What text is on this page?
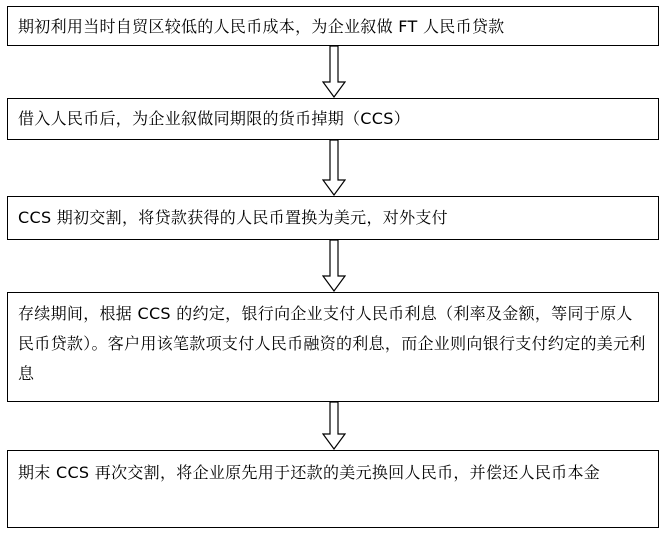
期初利用当时自贸区较低的人民币成本，为企业叙做 FT 人民币贷款
借入人民币后，为企业叙做同期限的货币掉期（CCS）
CCS 期初交割，将贷款获得的人民币置换为美元，对外支付
存续期间，根据 CCS 的约定，银行向企业支付人民币利息（利率及金额，等同于原人民币贷款）。客户用该笔款项支付人民币融资的利息，而企业则向银行支付约定的美元利息
期末 CCS 再次交割，将企业原先用于还款的美元换回人民币，并偿还人民币本金
